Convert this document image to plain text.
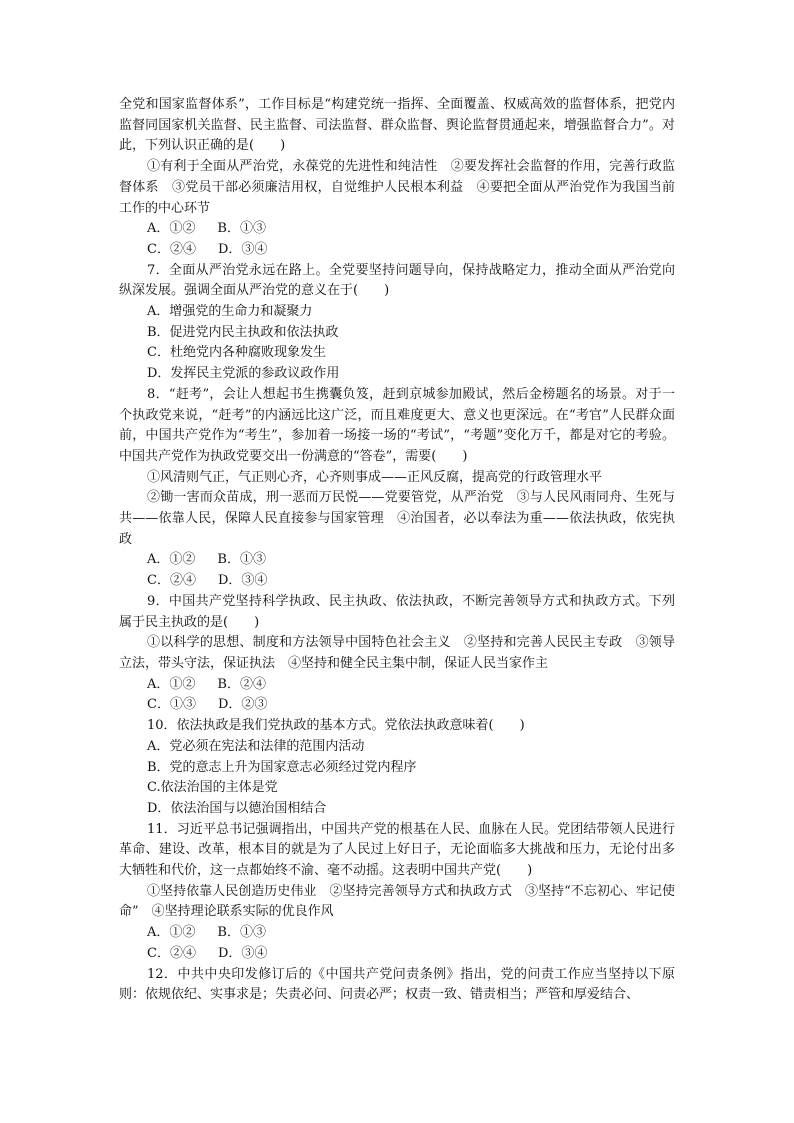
全党和国家监督体系”，工作目标是“构建党统一指挥、全面覆盖、权威高效的监督体系，把党内监督同国家机关监督、民主监督、司法监督、群众监督、舆论监督贯通起来，增强监督合力”。对此，下列认识正确的是(　　)

①有利于全面从严治党，永葆党的先进性和纯洁性　②要发挥社会监督的作用，完善行政监督体系　③党员干部必须廉洁用权，自觉维护人民根本利益　④要把全面从严治党作为我国当前工作的中心环节

A．①② B．①③

C．②④ D．③④

7．全面从严治党永远在路上。全党要坚持问题导向，保持战略定力，推动全面从严治党向纵深发展。强调全面从严治党的意义在于(　　)

A．增强党的生命力和凝聚力

B．促进党内民主执政和依法执政

C．杜绝党内各种腐败现象发生

D．发挥民主党派的参政议政作用

8．“赶考”，会让人想起书生携囊负笈，赶到京城参加殿试，然后金榜题名的场景。对于一个执政党来说，“赶考”的内涵远比这广泛，而且难度更大、意义也更深远。在“考官”人民群众面前，中国共产党作为“考生”，参加着一场接一场的“考试”，“考题”变化万千，都是对它的考验。中国共产党作为执政党要交出一份满意的“答卷”，需要(　　)

①风清则气正，气正则心齐，心齐则事成——正风反腐，提高党的行政管理水平

②锄一害而众苗成，刑一恶而万民悦——党要管党，从严治党　③与人民风雨同舟、生死与共——依靠人民，保障人民直接参与国家管理　④治国者，必以奉法为重——依法执政，依宪执政

A．①② B．①③

C．②④ D．③④

9．中国共产党坚持科学执政、民主执政、依法执政，不断完善领导方式和执政方式。下列属于民主执政的是(　　)

①以科学的思想、制度和方法领导中国特色社会主义　②坚持和完善人民民主专政　③领导立法，带头守法，保证执法　④坚持和健全民主集中制，保证人民当家作主

A．①② B．②④

C．①③ D．②③

10．依法执政是我们党执政的基本方式。党依法执政意味着(　　)

A．党必须在宪法和法律的范围内活动

B．党的意志上升为国家意志必须经过党内程序

C.依法治国的主体是党

D．依法治国与以德治国相结合

11．习近平总书记强调指出，中国共产党的根基在人民、血脉在人民。党团结带领人民进行革命、建设、改革，根本目的就是为了人民过上好日子，无论面临多大挑战和压力，无论付出多大牺牲和代价，这一点都始终不渝、毫不动摇。这表明中国共产党(　　)

①坚持依靠人民创造历史伟业　②坚持完善领导方式和执政方式　③坚持“不忘初心、牢记使命”　④坚持理论联系实际的优良作风

A．①② B．①③

C．②④ D．③④

12．中共中央印发修订后的《中国共产党问责条例》指出，党的问责工作应当坚持以下原则：依规依纪、实事求是；失责必问、问责必严；权责一致、错责相当；严管和厚爱结合、
